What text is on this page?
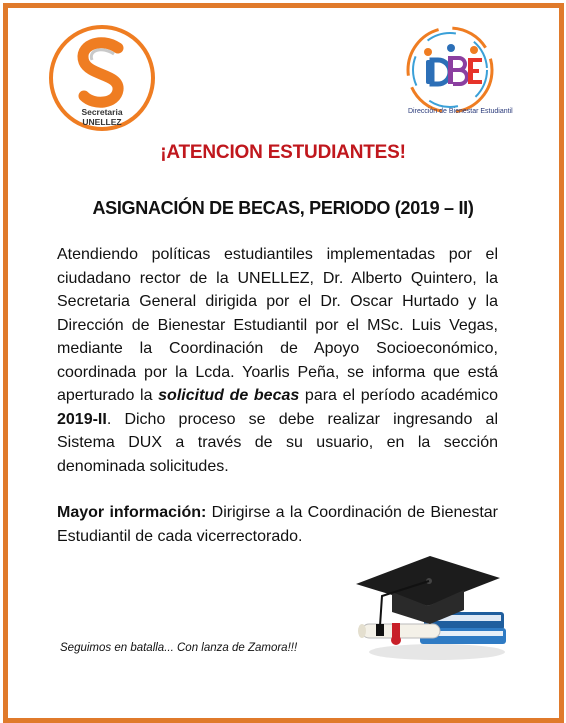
Secretaria
UNELLEZ
Dirección de Bienestar Estudiantil
¡ATENCION ESTUDIANTES!
ASIGNACIÓN DE BECAS, PERIODO (2019 – II)

Atendiendo políticas estudiantiles implementadas por el ciudadano rector de la UNELLEZ, Dr. Alberto Quintero, la Secretaria General dirigida por el Dr. Oscar Hurtado y la Dirección de Bienestar Estudiantil por el MSc. Luis Vegas, mediante la Coordinación de Apoyo Socioeconómico, coordinada por la Lcda. Yoarlis Peña, se informa que está aperturado la solicitud de becas para el período académico 2019-II. Dicho proceso se debe realizar ingresando al Sistema DUX a través de su usuario, en la sección denominada solicitudes.

Mayor información: Dirigirse a la Coordinación de Bienestar Estudiantil de cada vicerrectorado.

Seguimos en batalla... Con lanza de Zamora!!!
